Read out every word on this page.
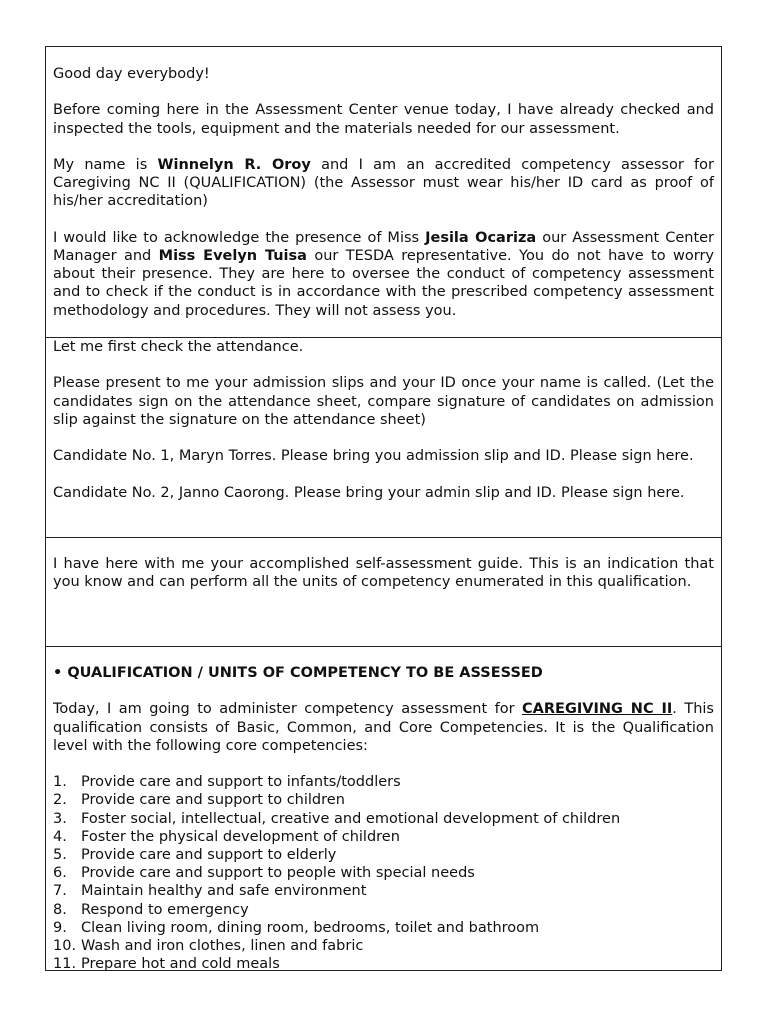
Good day everybody!

Before coming here in the Assessment Center venue today, I have already checked and inspected the tools, equipment and the materials needed for our assessment.

My name is Winnelyn R. Oroy and I am an accredited competency assessor for Caregiving NC II (QUALIFICATION) (the Assessor must wear his/her ID card as proof of his/her accreditation)

I would like to acknowledge the presence of Miss Jesila Ocariza our Assessment Center Manager and Miss Evelyn Tuisa our TESDA representative. You do not have to worry about their presence. They are here to oversee the conduct of competency assessment and to check if the conduct is in accordance with the prescribed competency assessment methodology and procedures. They will not assess you.

Let me first check the attendance.

Please present to me your admission slips and your ID once your name is called. (Let the candidates sign on the attendance sheet, compare signature of candidates on admission slip against the signature on the attendance sheet)

Candidate No. 1, Maryn Torres. Please bring you admission slip and ID. Please sign here.

Candidate No. 2, Janno Caorong. Please bring your admin slip and ID. Please sign here.

I have here with me your accomplished self-assessment guide. This is an indication that you know and can perform all the units of competency enumerated in this qualification.

• QUALIFICATION / UNITS OF COMPETENCY TO BE ASSESSED

Today, I am going to administer competency assessment for CAREGIVING NC II. This qualification consists of Basic, Common, and Core Competencies. It is the Qualification level with the following core competencies:

1. Provide care and support to infants/toddlers
2. Provide care and support to children
3. Foster social, intellectual, creative and emotional development of children
4. Foster the physical development of children
5. Provide care and support to elderly
6. Provide care and support to people with special needs
7. Maintain healthy and safe environment
8. Respond to emergency
9. Clean living room, dining room, bedrooms, toilet and bathroom
10. Wash and iron clothes, linen and fabric
11. Prepare hot and cold meals
